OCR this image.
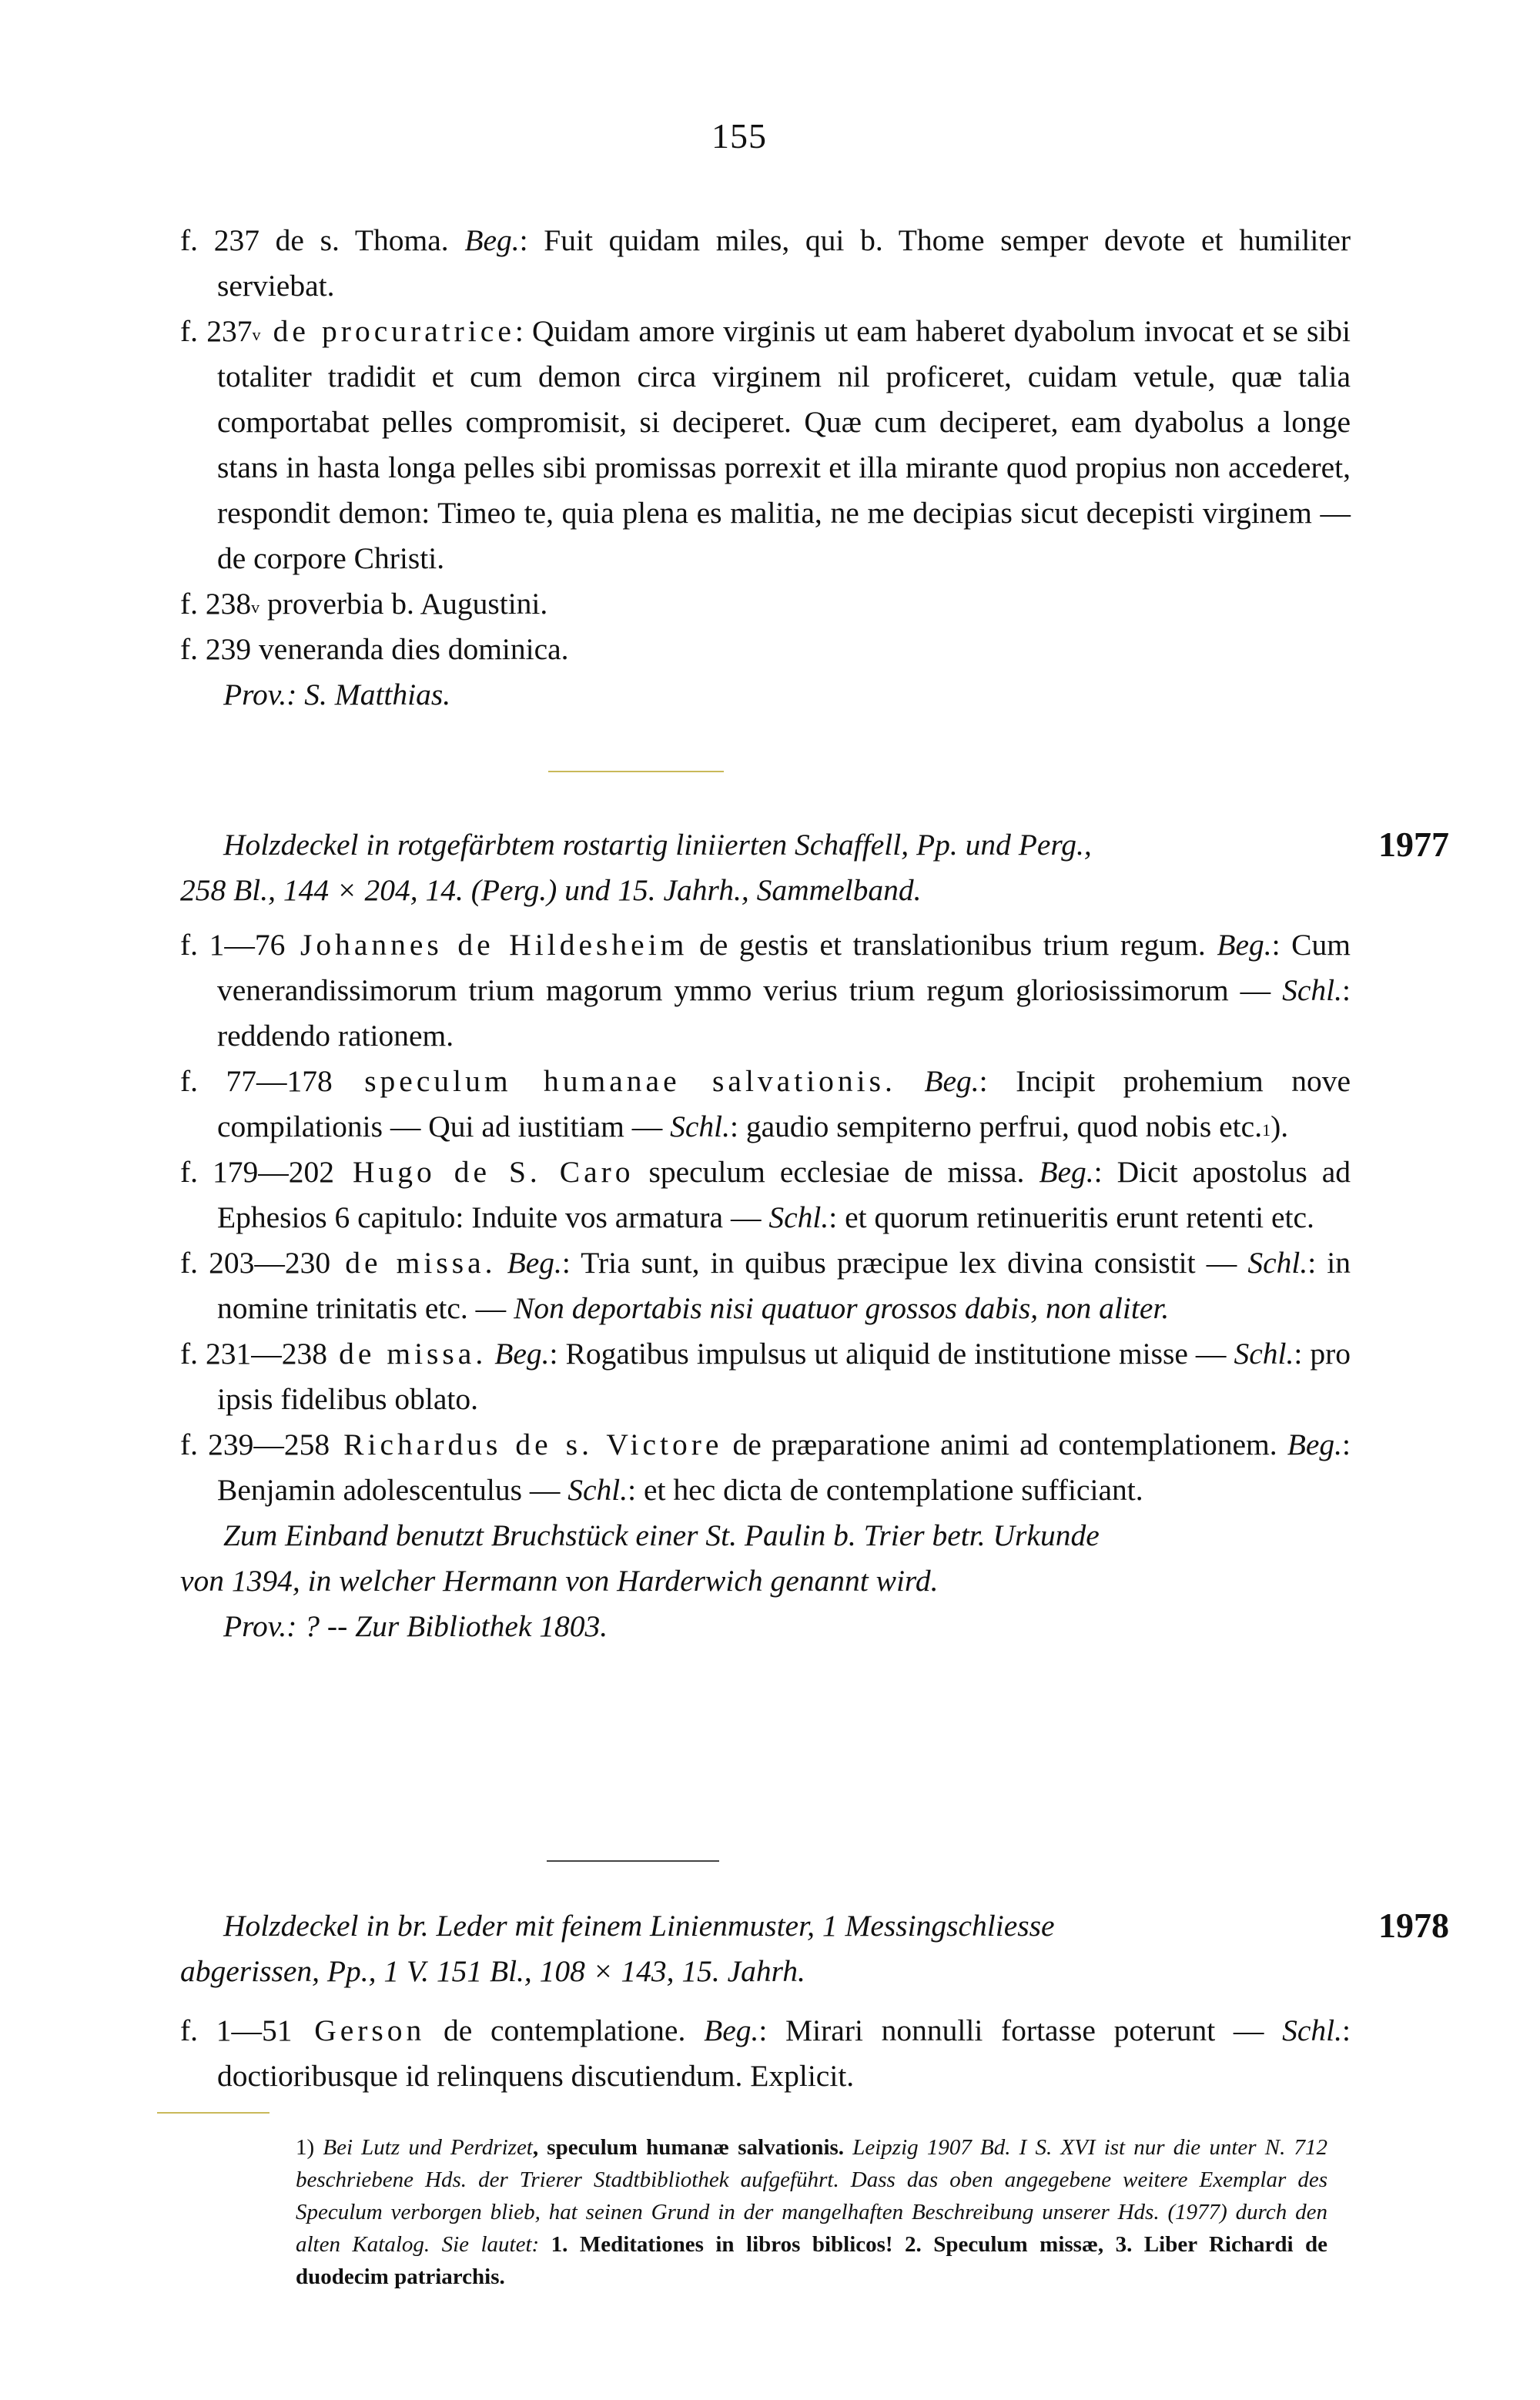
155
f. 237 de s. Thoma. Beg.: Fuit quidam miles, qui b. Thome semper devote et humiliter serviebat.
f. 237$^v$ de procuratrice: Quidam amore virginis ut eam haberet dyabolum invocat et se sibi totaliter tradidit et cum demon circa virginem nil proficeret, cuidam vetule, quæ talia comportabat pelles compromisit, si deciperet. Quæ cum deciperet, eam dyabolus a longe stans in hasta longa pelles sibi promissas porrexit et illa mirante quod propius non accederet, respondit demon: Timeo te, quia plena es malitia, ne me decipias sicut decepisti virginem — de corpore Christi.
f. 238$^v$ proverbia b. Augustini.
f. 239 veneranda dies dominica.
Prov.: S. Matthias.
Holzdeckel in rotgefärbtem rostartig liniierten Schaffell, Pp. und Perg.,
258 Bl., 144 × 204, 14. (Perg.) und 15. Jahrh., Sammelband.
f. 1—76 Johannes de Hildesheim de gestis et translationibus trium regum. Beg.: Cum venerandissimorum trium magorum ymmo verius trium regum gloriosissimorum — Schl.: reddendo rationem.
f. 77—178 speculum humanae salvationis. Beg.: Incipit prohemium nove compilationis — Qui ad iustitiam — Schl.: gaudio sempiterno perfrui, quod nobis etc.$^1$).
f. 179—202 Hugo de S. Caro speculum ecclesiae de missa. Beg.: Dicit apostolus ad Ephesios 6 capitulo: Induite vos armatura — Schl.: et quorum retinueritis erunt retenti etc.
f. 203—230 de missa. Beg.: Tria sunt, in quibus præcipue lex divina consistit — Schl.: in nomine trinitatis etc. — Non deportabis nisi quatuor grossos dabis, non aliter.
f. 231—238 de missa. Beg.: Rogatibus impulsus ut aliquid de institutione misse — Schl.: pro ipsis fidelibus oblato.
f. 239—258 Richardus de s. Victore de præparatione animi ad contemplationem. Beg.: Benjamin adolescentulus — Schl.: et hec dicta de contemplatione sufficiant.
Zum Einband benutzt Bruchstück einer St. Paulin b. Trier betr. Urkunde
von 1394, in welcher Hermann von Harderwich genannt wird.
Prov.: ? -- Zur Bibliothek 1803.
1977
Holzdeckel in br. Leder mit feinem Linienmuster, 1 Messingschliesse
abgerissen, Pp., 1 V. 151 Bl., 108 × 143, 15. Jahrh.
f. 1—51 Gerson de contemplatione. Beg.: Mirari nonnulli fortasse poterunt — Schl.: doctioribusque id relinquens discutiendum. Explicit.
1978
1) Bei Lutz und Perdrizet, speculum humanæ salvationis. Leipzig 1907 Bd. I S. XVI ist nur die unter N. 712 beschriebene Hds. der Trierer Stadtbibliothek aufgeführt. Dass das oben angegebene weitere Exemplar des Speculum verborgen blieb, hat seinen Grund in der mangelhaften Beschreibung unserer Hds. (1977) durch den alten Katalog. Sie lautet: 1. Meditationes in libros biblicos! 2. Speculum missæ, 3. Liber Richardi de duodecim patriarchis.
